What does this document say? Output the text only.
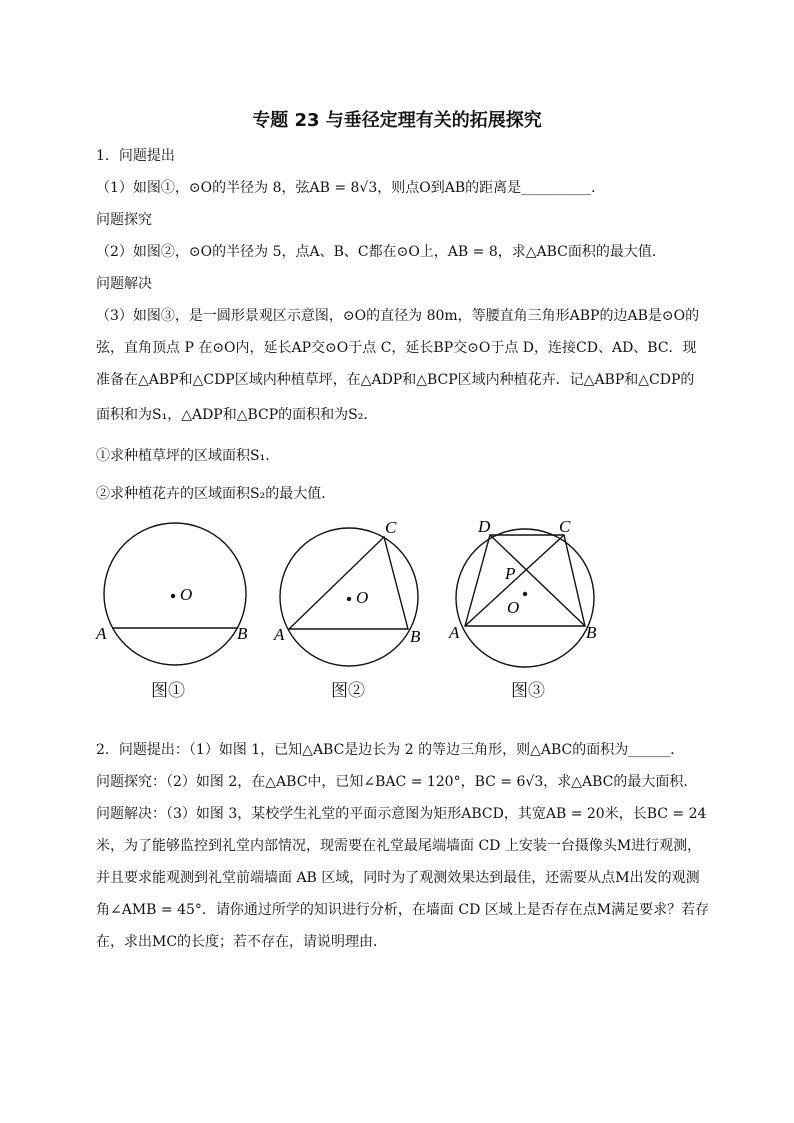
专题 23 与垂径定理有关的拓展探究
1．问题提出
（1）如图①，⊙O的半径为 8，弦AB = 8√3，则点O到AB的距离是__________．
问题探究
（2）如图②，⊙O的半径为 5，点A、B、C都在⊙O上，AB = 8，求△ABC面积的最大值．
问题解决
（3）如图③，是一圆形景观区示意图，⊙O的直径为 80m，等腰直角三角形ABP的边AB是⊙O的
弦，直角顶点 P 在⊙O内，延长AP交⊙O于点 C，延长BP交⊙O于点 D，连接CD、AD、BC．现
准备在△ABP和△CDP区域内种植草坪，在△ADP和△BCP区域内种植花卉．记△ABP和△CDP的
面积和为S₁，△ADP和△BCP的面积和为S₂．
①求种植草坪的区域面积S₁．
②求种植花卉的区域面积S₂的最大值．
O
A	B
O
A	B
C
O
P
A	B
C
D
图①	图②	图③
2．问题提出：（1）如图 1，已知△ABC是边长为 2 的等边三角形，则△ABC的面积为______．
问题探究：（2）如图 2，在△ABC中，已知∠BAC = 120°，BC = 6√3，求△ABC的最大面积．
问题解决：（3）如图 3，某校学生礼堂的平面示意图为矩形ABCD，其宽AB = 20米，长BC = 24
米，为了能够监控到礼堂内部情况，现需要在礼堂最尾端墙面 CD 上安装一台摄像头M进行观测，
并且要求能观测到礼堂前端墙面 AB 区域，同时为了观测效果达到最佳，还需要从点M出发的观测
角∠AMB = 45°．请你通过所学的知识进行分析，在墙面 CD 区域上是否存在点M满足要求？若存
在，求出MC的长度；若不存在，请说明理由．
